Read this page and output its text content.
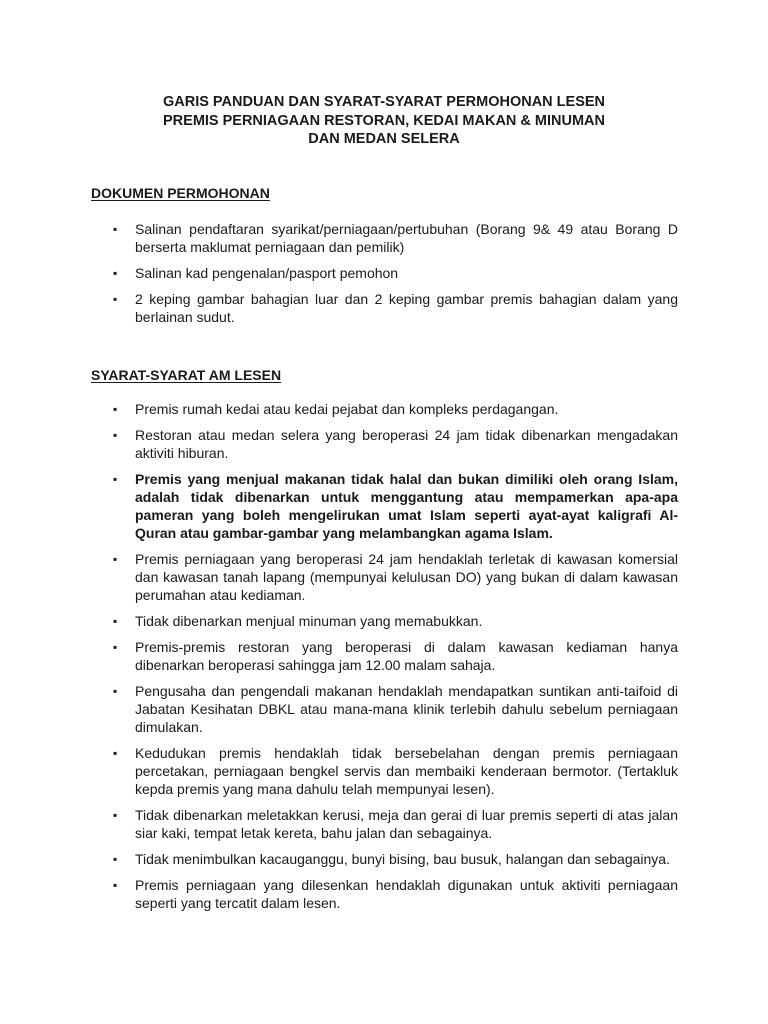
GARIS PANDUAN DAN SYARAT-SYARAT PERMOHONAN LESEN
PREMIS PERNIAGAAN RESTORAN, KEDAI MAKAN & MINUMAN
DAN MEDAN SELERA
DOKUMEN PERMOHONAN
▪ Salinan pendaftaran syarikat/perniagaan/pertubuhan (Borang 9& 49 atau Borang D berserta maklumat perniagaan dan pemilik)
▪ Salinan kad pengenalan/pasport pemohon
▪ 2 keping gambar bahagian luar dan 2 keping gambar premis bahagian dalam yang berlainan sudut.
SYARAT-SYARAT AM LESEN
▪ Premis rumah kedai atau kedai pejabat dan kompleks perdagangan.
▪ Restoran atau medan selera yang beroperasi 24 jam tidak dibenarkan mengadakan aktiviti hiburan.
▪ Premis yang menjual makanan tidak halal dan bukan dimiliki oleh orang Islam, adalah tidak dibenarkan untuk menggantung atau mempamerkan apa-apa pameran yang boleh mengelirukan umat Islam seperti ayat-ayat kaligrafi Al-Quran atau gambar-gambar yang melambangkan agama Islam.
▪ Premis perniagaan yang beroperasi 24 jam hendaklah terletak di kawasan komersial dan kawasan tanah lapang (mempunyai kelulusan DO) yang bukan di dalam kawasan perumahan atau kediaman.
▪ Tidak dibenarkan menjual minuman yang memabukkan.
▪ Premis-premis restoran yang beroperasi di dalam kawasan kediaman hanya dibenarkan beroperasi sahingga jam 12.00 malam sahaja.
▪ Pengusaha dan pengendali makanan hendaklah mendapatkan suntikan anti-taifoid di Jabatan Kesihatan DBKL atau mana-mana klinik terlebih dahulu sebelum perniagaan dimulakan.
▪ Kedudukan premis hendaklah tidak bersebelahan dengan premis perniagaan percetakan, perniagaan bengkel servis dan membaiki kenderaan bermotor. (Tertakluk kepda premis yang mana dahulu telah mempunyai lesen).
▪ Tidak dibenarkan meletakkan kerusi, meja dan gerai di luar premis seperti di atas jalan siar kaki, tempat letak kereta, bahu jalan dan sebagainya.
▪ Tidak menimbulkan kacauganggu, bunyi bising, bau busuk, halangan dan sebagainya.
▪ Premis perniagaan yang dilesenkan hendaklah digunakan untuk aktiviti perniagaan seperti yang tercatit dalam lesen.
